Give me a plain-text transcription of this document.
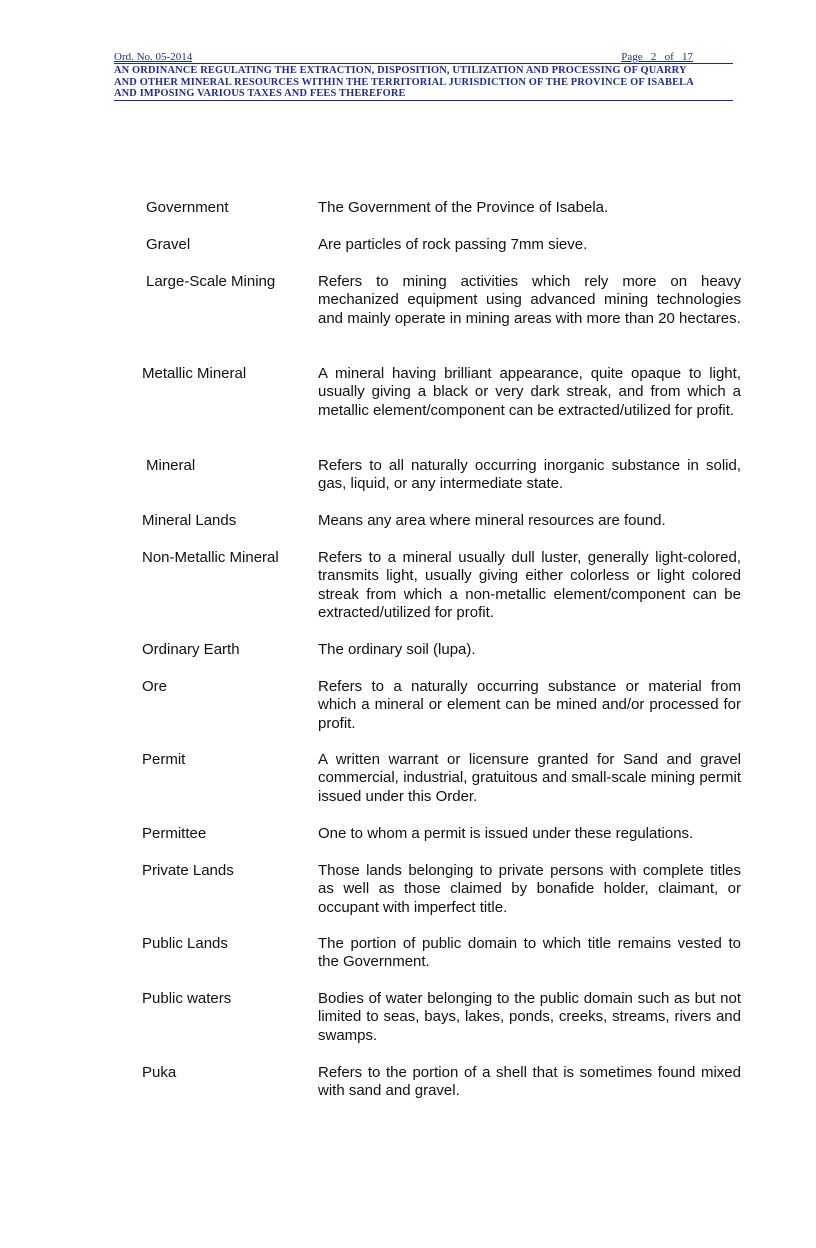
Ord. No. 05-2014	Page   2   of   17
AN ORDINANCE REGULATING THE EXTRACTION, DISPOSITION, UTILIZATION AND PROCESSING OF QUARRY
AND OTHER MINERAL RESOURCES WITHIN THE TERRITORIAL JURISDICTION OF THE PROVINCE OF ISABELA
AND IMPOSING VARIOUS TAXES AND FEES THEREFORE
Government	The Government of the Province of Isabela.
Gravel	Are particles of rock passing 7mm sieve.
Large-Scale Mining	Refers to mining activities which rely more on heavy mechanized equipment using advanced mining technologies and mainly operate in mining areas with more than 20 hectares.
Metallic Mineral	A mineral having brilliant appearance, quite opaque to light, usually giving a black or very dark streak, and from which a metallic element/component can be extracted/utilized for profit.
Mineral	Refers to all naturally occurring inorganic substance in solid, gas, liquid, or any intermediate state.
Mineral Lands	Means any area where mineral resources are found.
Non-Metallic Mineral	Refers to a mineral usually dull luster, generally light-colored, transmits light, usually giving either colorless or light colored streak from which a non-metallic element/component can be extracted/utilized for profit.
Ordinary Earth	The ordinary soil (lupa).
Ore	Refers to a naturally occurring substance or material from which a mineral or element can be mined and/or processed for profit.
Permit	A written warrant or licensure granted for Sand and gravel commercial, industrial, gratuitous and small-scale mining permit issued under this Order.
Permittee	One to whom a permit is issued under these regulations.
Private Lands	Those lands belonging to private persons with complete titles as well as those claimed by bonafide holder, claimant, or occupant with imperfect title.
Public Lands	The portion of public domain to which title remains vested to the Government.
Public waters	Bodies of water belonging to the public domain such as but not limited to seas, bays, lakes, ponds, creeks, streams, rivers and swamps.
Puka	Refers to the portion of a shell that is sometimes found mixed with sand and gravel.
